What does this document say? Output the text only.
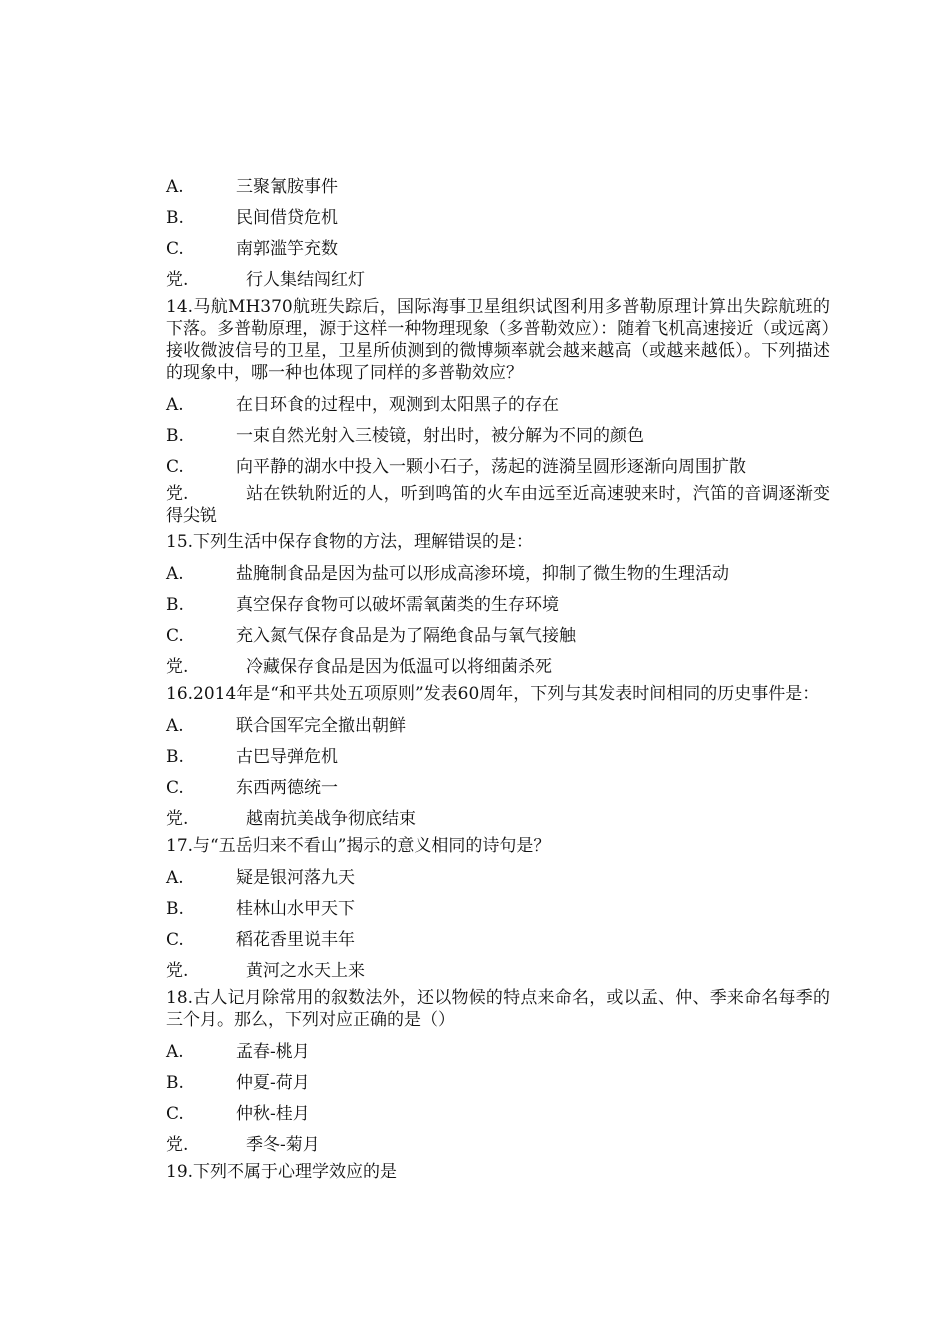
A.	三聚氰胺事件
B.	民间借贷危机
C.	南郭滥竽充数
党.	行人集结闯红灯
14.马航MH370航班失踪后，国际海事卫星组织试图利用多普勒原理计算出失踪航班的下落。多普勒原理，源于这样一种物理现象（多普勒效应）：随着飞机高速接近（或远离）接收微波信号的卫星，卫星所侦测到的微博频率就会越来越高（或越来越低）。下列描述的现象中，哪一种也体现了同样的多普勒效应？
A.	在日环食的过程中，观测到太阳黑子的存在
B.	一束自然光射入三棱镜，射出时，被分解为不同的颜色
C.	向平静的湖水中投入一颗小石子，荡起的涟漪呈圆形逐渐向周围扩散
党.	站在铁轨附近的人，听到鸣笛的火车由远至近高速驶来时，汽笛的音调逐渐变得尖锐
15.下列生活中保存食物的方法，理解错误的是：
A.	盐腌制食品是因为盐可以形成高渗环境，抑制了微生物的生理活动
B.	真空保存食物可以破坏需氧菌类的生存环境
C.	充入氮气保存食品是为了隔绝食品与氧气接触
党.	冷藏保存食品是因为低温可以将细菌杀死
16.2014年是“和平共处五项原则”发表60周年，下列与其发表时间相同的历史事件是：
A.	联合国军完全撤出朝鲜
B.	古巴导弹危机
C.	东西两德统一
党.	越南抗美战争彻底结束
17.与“五岳归来不看山”揭示的意义相同的诗句是？
A.	疑是银河落九天
B.	桂林山水甲天下
C.	稻花香里说丰年
党.	黄河之水天上来
18.古人记月除常用的叙数法外，还以物候的特点来命名，或以孟、仲、季来命名每季的三个月。那么，下列对应正确的是（）
A.	孟春-桃月
B.	仲夏-荷月
C.	仲秋-桂月
党.	季冬-菊月
19.下列不属于心理学效应的是
